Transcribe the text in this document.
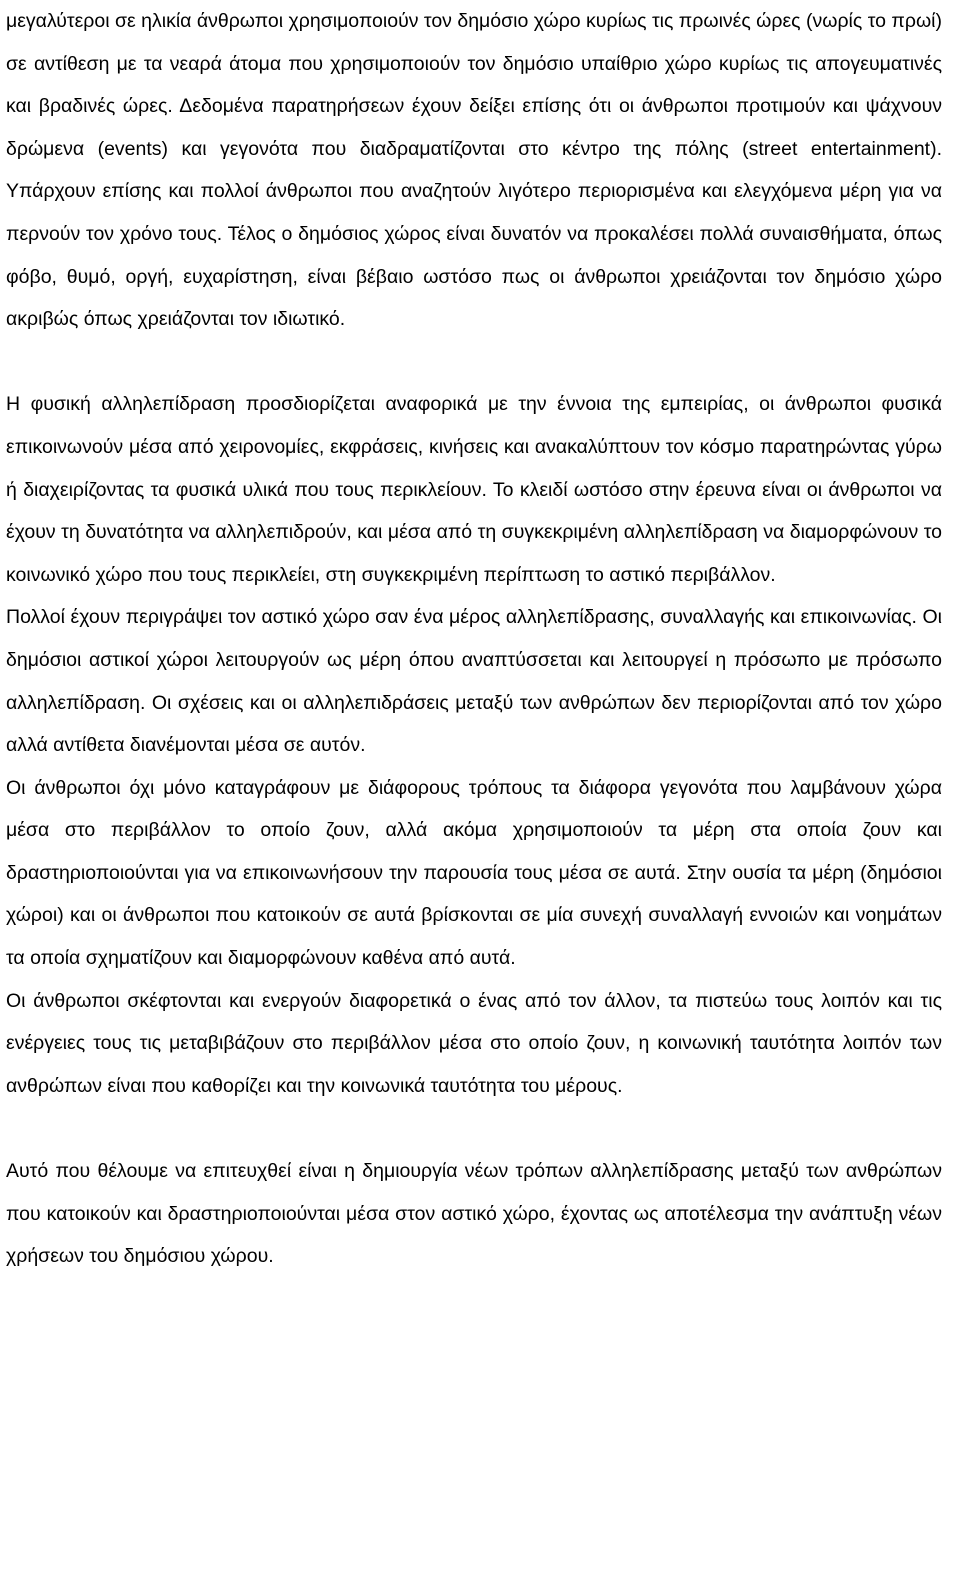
μεγαλύτεροι σε ηλικία άνθρωποι χρησιμοποιούν τον δημόσιο χώρο κυρίως τις πρωινές ώρες (νωρίς το πρωί) σε αντίθεση με τα νεαρά άτομα που χρησιμοποιούν τον δημόσιο υπαίθριο χώρο κυρίως τις απογευματινές και βραδινές ώρες. Δεδομένα παρατηρήσεων έχουν δείξει επίσης ότι οι άνθρωποι προτιμούν και ψάχνουν δρώμενα (events) και γεγονότα που διαδραματίζονται στο κέντρο της πόλης (street entertainment). Υπάρχουν επίσης και πολλοί άνθρωποι που αναζητούν λιγότερο περιορισμένα και ελεγχόμενα μέρη για να περνούν τον χρόνο τους. Τέλος ο δημόσιος χώρος είναι δυνατόν να προκαλέσει πολλά συναισθήματα, όπως φόβο, θυμό, οργή, ευχαρίστηση, είναι βέβαιο ωστόσο πως οι άνθρωποι χρειάζονται τον δημόσιο χώρο ακριβώς όπως χρειάζονται τον ιδιωτικό.

Η φυσική αλληλεπίδραση προσδιορίζεται αναφορικά με την έννοια της εμπειρίας, οι άνθρωποι φυσικά επικοινωνούν μέσα από χειρονομίες, εκφράσεις, κινήσεις και ανακαλύπτουν τον κόσμο παρατηρώντας γύρω ή διαχειρίζοντας τα φυσικά υλικά που τους περικλείουν. Το κλειδί ωστόσο στην έρευνα είναι οι άνθρωποι να έχουν τη δυνατότητα να αλληλεπιδρούν, και μέσα από τη συγκεκριμένη αλληλεπίδραση να διαμορφώνουν το κοινωνικό χώρο που τους περικλείει, στη συγκεκριμένη περίπτωση το αστικό περιβάλλον.

Πολλοί έχουν περιγράψει τον αστικό χώρο σαν ένα μέρος αλληλεπίδρασης, συναλλαγής και επικοινωνίας. Οι δημόσιοι αστικοί χώροι λειτουργούν ως μέρη όπου αναπτύσσεται και λειτουργεί η πρόσωπο με πρόσωπο αλληλεπίδραση. Οι σχέσεις και οι αλληλεπιδράσεις μεταξύ των ανθρώπων δεν περιορίζονται από τον χώρο αλλά αντίθετα διανέμονται μέσα σε αυτόν.

Οι άνθρωποι όχι μόνο καταγράφουν με διάφορους τρόπους τα διάφορα γεγονότα που λαμβάνουν χώρα μέσα στο περιβάλλον το οποίο ζουν, αλλά ακόμα χρησιμοποιούν τα μέρη στα οποία ζουν και δραστηριοποιούνται για να επικοινωνήσουν την παρουσία τους μέσα σε αυτά. Στην ουσία τα μέρη (δημόσιοι χώροι) και οι άνθρωποι που κατοικούν σε αυτά βρίσκονται σε μία συνεχή συναλλαγή εννοιών και νοημάτων τα οποία σχηματίζουν και διαμορφώνουν καθένα από αυτά.

Οι άνθρωποι σκέφτονται και ενεργούν διαφορετικά ο ένας από τον άλλον, τα πιστεύω τους λοιπόν και τις ενέργειες τους τις μεταβιβάζουν στο περιβάλλον μέσα στο οποίο ζουν, η κοινωνική ταυτότητα λοιπόν των ανθρώπων είναι που καθορίζει και την κοινωνικά ταυτότητα του μέρους.

Αυτό που θέλουμε να επιτευχθεί είναι η δημιουργία νέων τρόπων αλληλεπίδρασης μεταξύ των ανθρώπων που κατοικούν και δραστηριοποιούνται μέσα στον αστικό χώρο, έχοντας ως αποτέλεσμα την ανάπτυξη νέων χρήσεων του δημόσιου χώρου.
